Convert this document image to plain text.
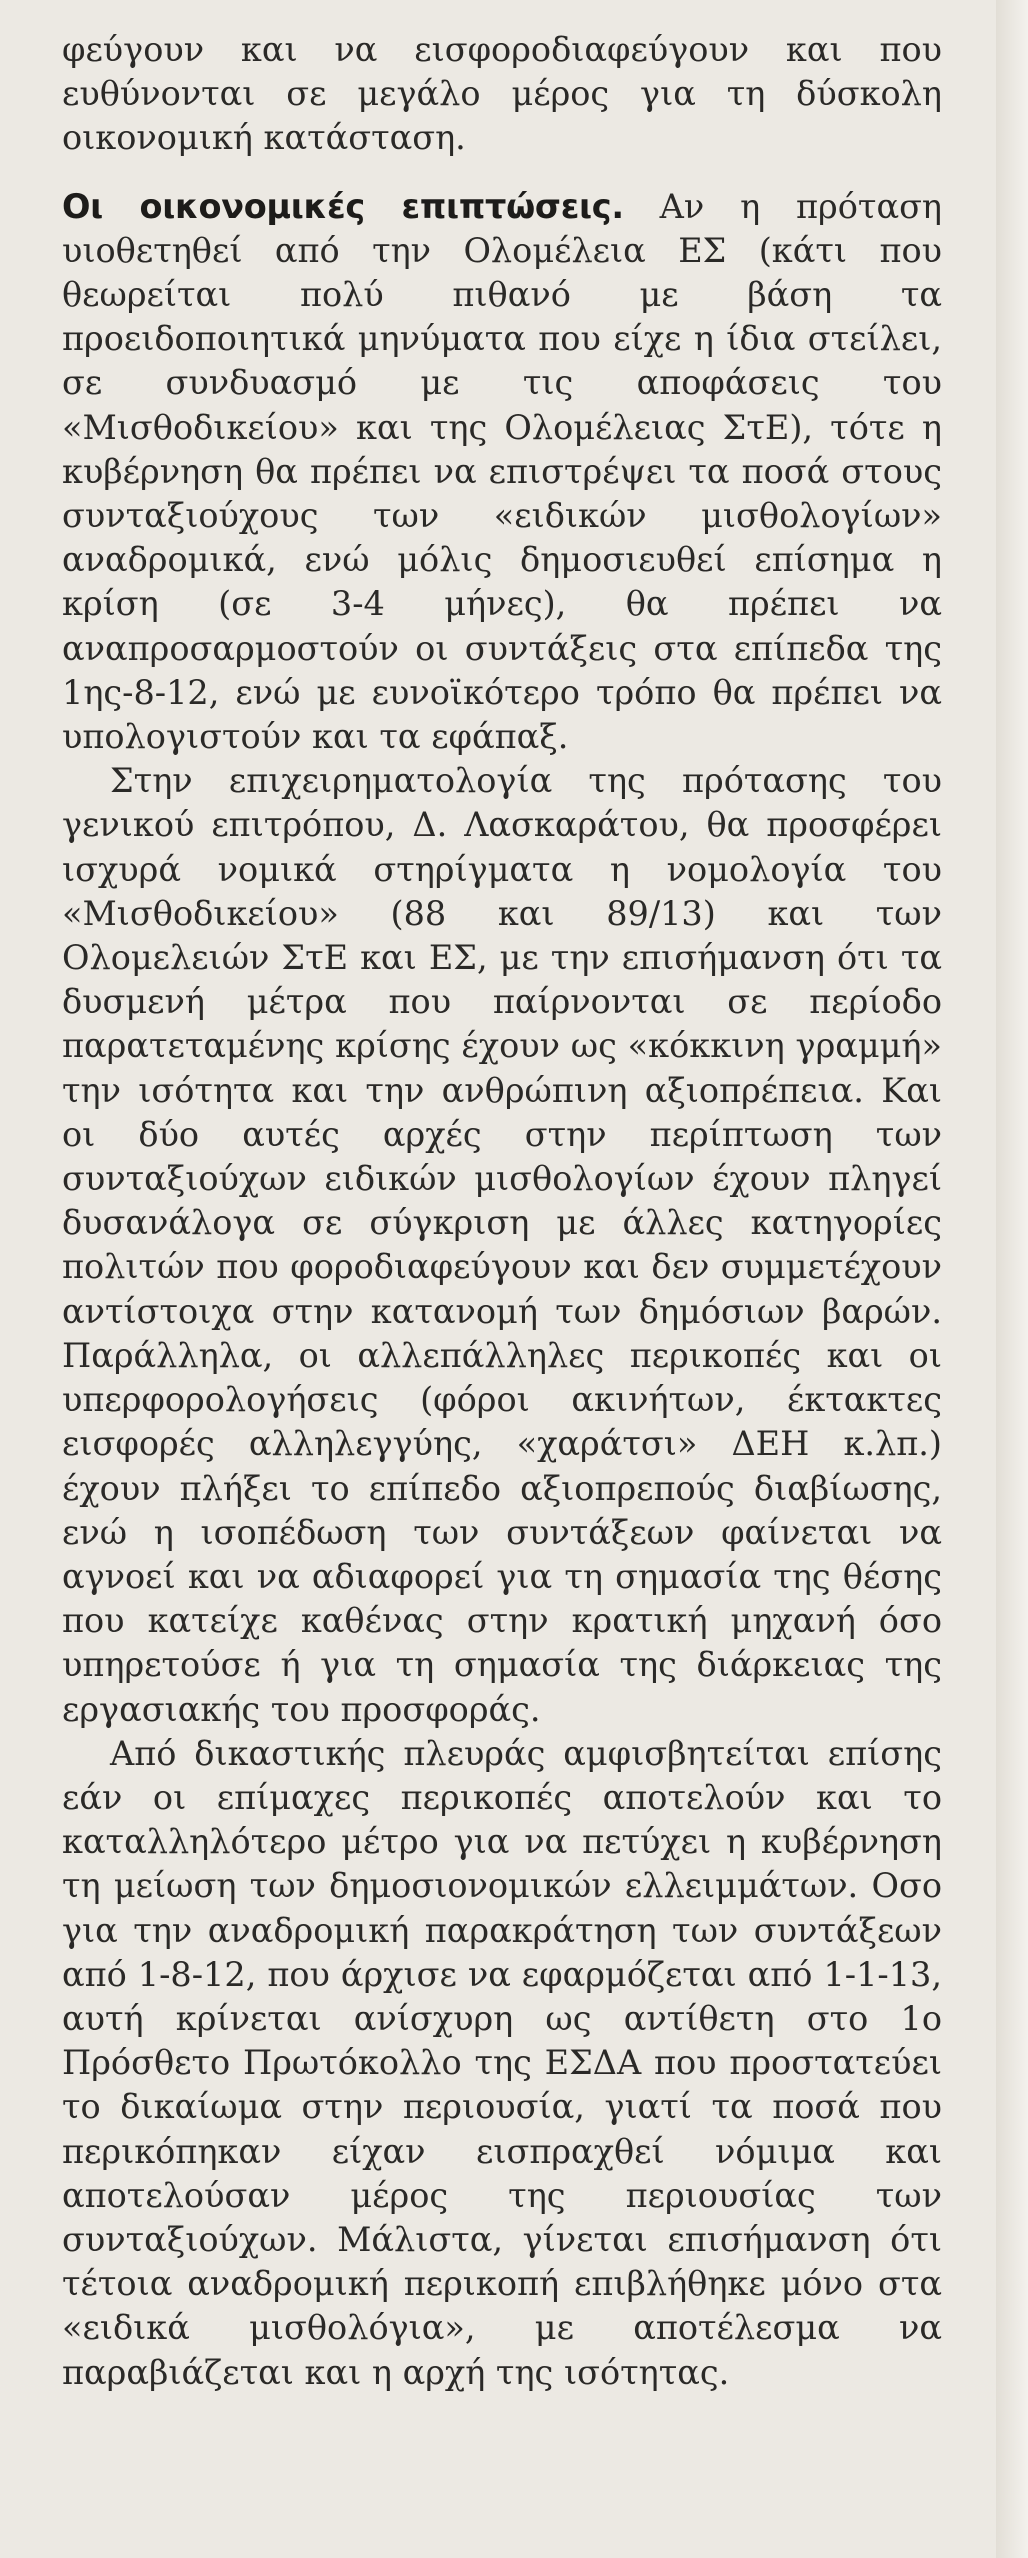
φεύγουν και να εισφοροδιαφεύγουν και που ευθύνονται σε μεγάλο μέρος για τη δύσκολη οικονομική κατάσταση.

Οι οικονομικές επιπτώσεις. Αν η πρόταση υιοθετηθεί από την Ολομέλεια ΕΣ (κάτι που θεωρείται πολύ πιθανό με βάση τα προειδοποιητικά μηνύματα που είχε η ίδια στείλει, σε συνδυασμό με τις αποφάσεις του «Μισθοδικείου» και της Ολομέλειας ΣτΕ), τότε η κυβέρνηση θα πρέπει να επιστρέψει τα ποσά στους συνταξιούχους των «ειδικών μισθολογίων» αναδρομικά, ενώ μόλις δημοσιευθεί επίσημα η κρίση (σε 3-4 μήνες), θα πρέπει να αναπροσαρμοστούν οι συντάξεις στα επίπεδα της 1ης-8-12, ενώ με ευνοϊκότερο τρόπο θα πρέπει να υπολογιστούν και τα εφάπαξ.

Στην επιχειρηματολογία της πρότασης του γενικού επιτρόπου, Δ. Λασκαράτου, θα προσφέρει ισχυρά νομικά στηρίγματα η νομολογία του «Μισθοδικείου» (88 και 89/13) και των Ολομελειών ΣτΕ και ΕΣ, με την επισήμανση ότι τα δυσμενή μέτρα που παίρνονται σε περίοδο παρατεταμένης κρίσης έχουν ως «κόκκινη γραμμή» την ισότητα και την ανθρώπινη αξιοπρέπεια. Και οι δύο αυτές αρχές στην περίπτωση των συνταξιούχων ειδικών μισθολογίων έχουν πληγεί δυσανάλογα σε σύγκριση με άλλες κατηγορίες πολιτών που φοροδιαφεύγουν και δεν συμμετέχουν αντίστοιχα στην κατανομή των δημόσιων βαρών. Παράλληλα, οι αλλεπάλληλες περικοπές και οι υπερφορολογήσεις (φόροι ακινήτων, έκτακτες εισφορές αλληλεγγύης, «χαράτσι» ΔΕΗ κ.λπ.) έχουν πλήξει το επίπεδο αξιοπρεπούς διαβίωσης, ενώ η ισοπέδωση των συντάξεων φαίνεται να αγνοεί και να αδιαφορεί για τη σημασία της θέσης που κατείχε καθένας στην κρατική μηχανή όσο υπηρετούσε ή για τη σημασία της διάρκειας της εργασιακής του προσφοράς.

Από δικαστικής πλευράς αμφισβητείται επίσης εάν οι επίμαχες περικοπές αποτελούν και το καταλληλότερο μέτρο για να πετύχει η κυβέρνηση τη μείωση των δημοσιονομικών ελλειμμάτων. Οσο για την αναδρομική παρακράτηση των συντάξεων από 1-8-12, που άρχισε να εφαρμόζεται από 1-1-13, αυτή κρίνεται ανίσχυρη ως αντίθετη στο 1ο Πρόσθετο Πρωτόκολλο της ΕΣΔΑ που προστατεύει το δικαίωμα στην περιουσία, γιατί τα ποσά που περικόπηκαν είχαν εισπραχθεί νόμιμα και αποτελούσαν μέρος της περιουσίας των συνταξιούχων. Μάλιστα, γίνεται επισήμανση ότι τέτοια αναδρομική περικοπή επιβλήθηκε μόνο στα «ειδικά μισθολόγια», με αποτέλεσμα να παραβιάζεται και η αρχή της ισότητας.
